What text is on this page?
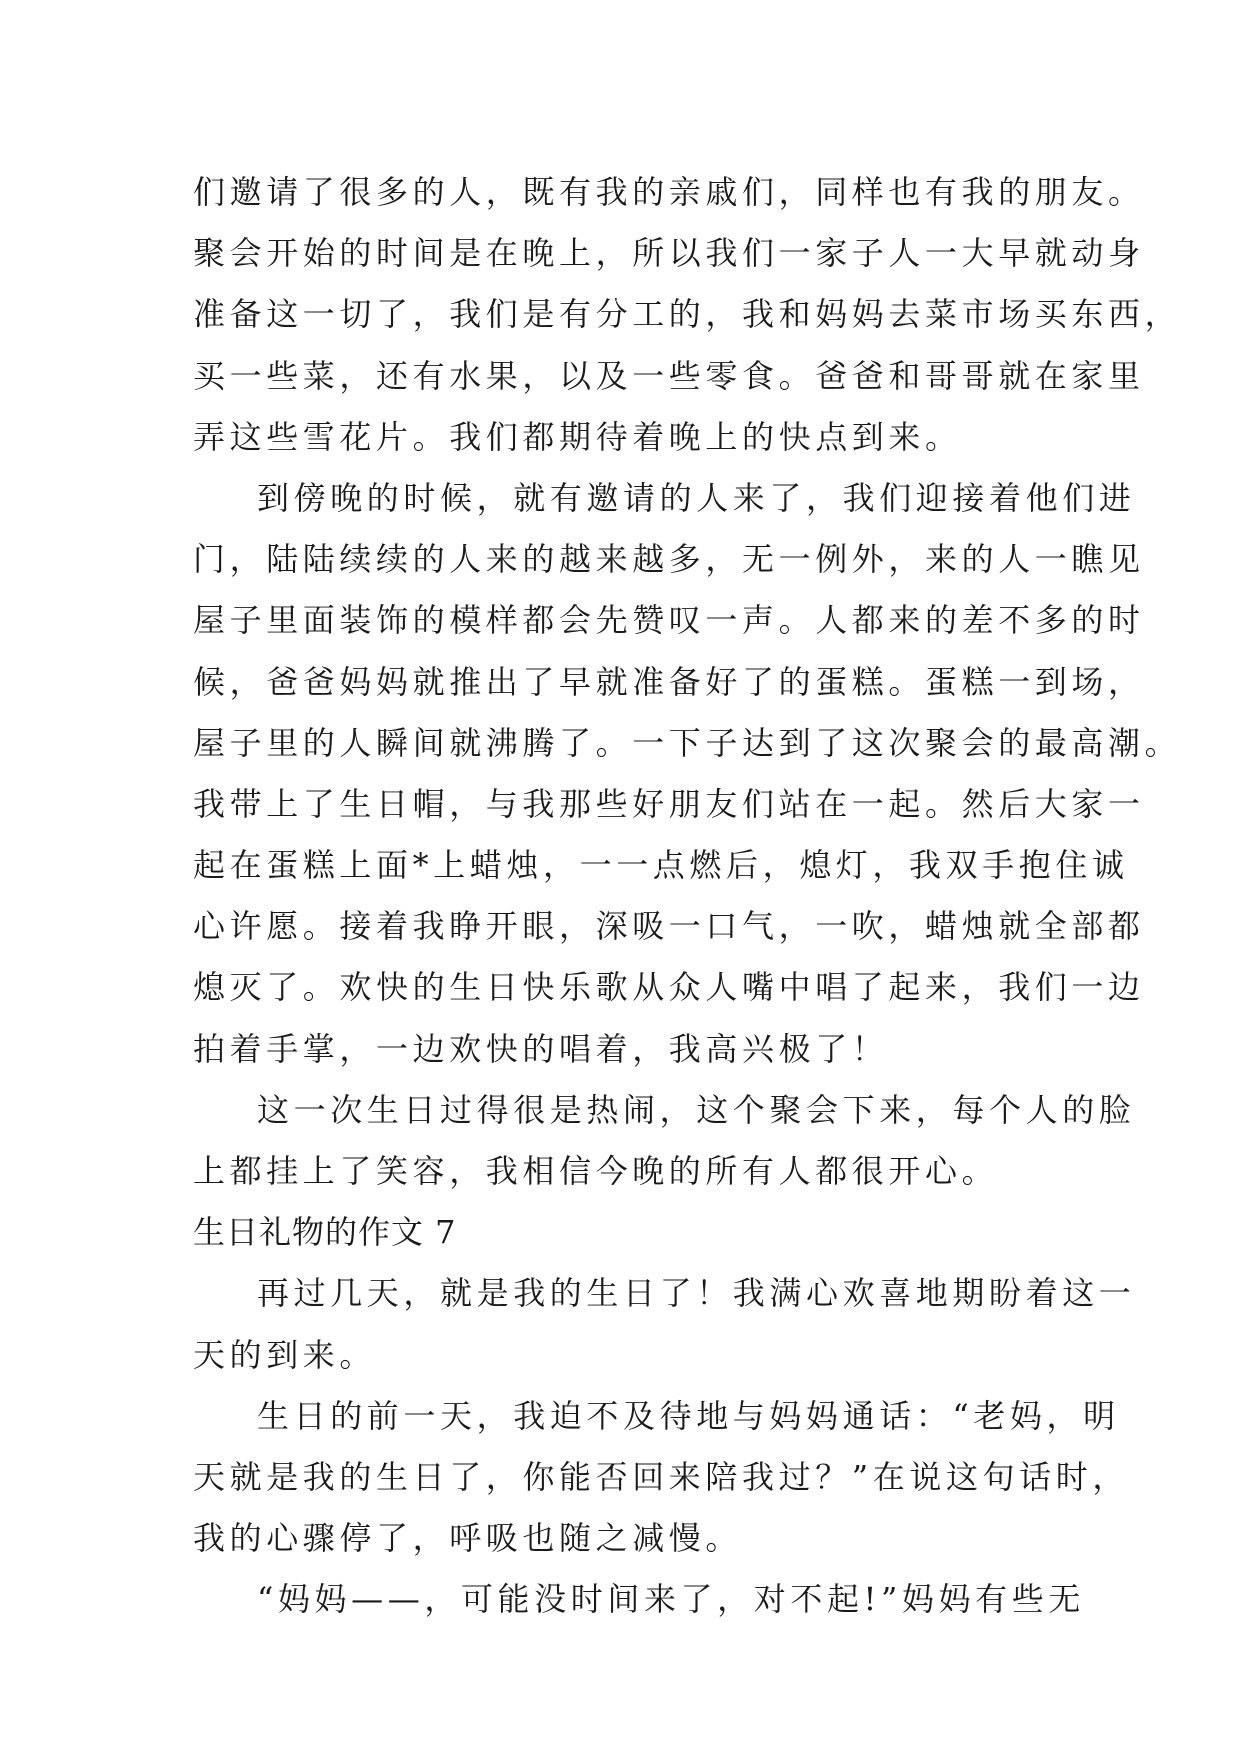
们邀请了很多的人，既有我的亲戚们，同样也有我的朋友。
聚会开始的时间是在晚上，所以我们一家子人一大早就动身
准备这一切了，我们是有分工的，我和妈妈去菜市场买东西，
买一些菜，还有水果，以及一些零食。爸爸和哥哥就在家里
弄这些雪花片。我们都期待着晚上的快点到来。
到傍晚的时候，就有邀请的人来了，我们迎接着他们进
门，陆陆续续的人来的越来越多，无一例外，来的人一瞧见
屋子里面装饰的模样都会先赞叹一声。人都来的差不多的时
候，爸爸妈妈就推出了早就准备好了的蛋糕。蛋糕一到场，
屋子里的人瞬间就沸腾了。一下子达到了这次聚会的最高潮。
我带上了生日帽，与我那些好朋友们站在一起。然后大家一
起在蛋糕上面*上蜡烛，一一点燃后，熄灯，我双手抱住诚
心许愿。接着我睁开眼，深吸一口气，一吹，蜡烛就全部都
熄灭了。欢快的生日快乐歌从众人嘴中唱了起来，我们一边
拍着手掌，一边欢快的唱着，我高兴极了！
这一次生日过得很是热闹，这个聚会下来，每个人的脸
上都挂上了笑容，我相信今晚的所有人都很开心。
生日礼物的作文 7
再过几天，就是我的生日了！我满心欢喜地期盼着这一
天的到来。
生日的前一天，我迫不及待地与妈妈通话：“老妈，明
天就是我的生日了，你能否回来陪我过？”在说这句话时，
我的心骤停了，呼吸也随之减慢。
“妈妈——，可能没时间来了，对不起!”妈妈有些无
